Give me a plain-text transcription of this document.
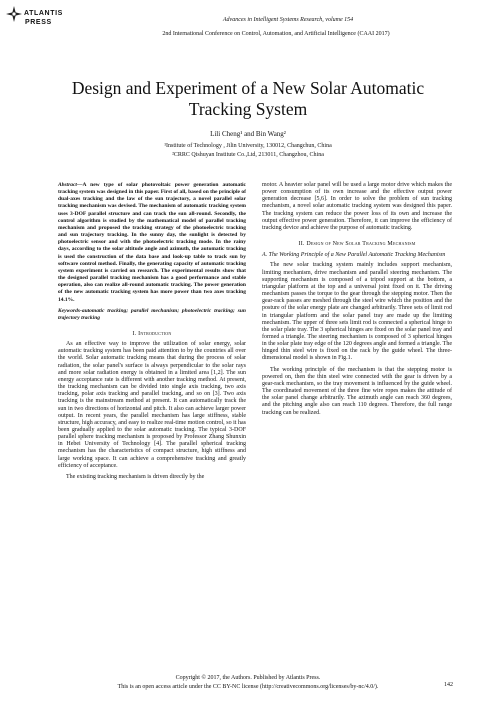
ATLANTIS
PRESS	Advances in Intelligent Systems Research, volume 154
2nd International Conference on Control, Automation, and Artificial Intelligence (CAAI 2017)
Design and Experiment of a New Solar Automatic Tracking System
Lili Cheng¹ and Bin Wang²
¹Institute of Technology , Jilin University, 130012, Changchun, China
²CRRC Qishuyan Institute Co.,Ltd, 213011, Changzhou, China

Abstract—A new type of solar photovoltaic power generation automatic tracking system was designed in this paper. First of all, based on the principle of dual-axes tracking and the law of the sun trajectory, a novel parallel solar tracking mechanism was devised. The mechanism of automatic tracking system uses 3-DOF parallel structure and can track the sun all-round. Secondly, the control algorithm is studied by the mathematical model of parallel tracking mechanism and proposed the tracking strategy of the photoelectric tracking and sun trajectory tracking. In the sunny day, the sunlight is detected by photoelectric sensor and with the photoelectric tracking mode. In the rainy days, according to the solar altitude angle and azimuth, the automatic tracking is used the construction of the data base and look-up table to track sun by software control method. Finally, the generating capacity of automatic tracking system experiment is carried on research. The experimental results show that the designed parallel tracking mechanism has a good performance and stable operation, also can realize all-round automatic tracking. The power generation of the new automatic tracking system has more power than two axes tracking 14.1%.

Keywords-automatic tracking; parallel mechanism; photoelectric tracking; sun trajectory tracking

I. Introduction

As an effective way to improve the utilization of solar energy, solar automatic tracking system has been paid attention to by the countries all over the world. Solar automatic tracking means that during the process of solar radiation, the solar panel's surface is always perpendicular to the solar rays and more solar radiation energy is obtained in a limited area [1,2]. The sun energy acceptance rate is different with another tracking method. At present, the tracking mechanism can be divided into single axis tracking, two axis tracking, polar axis tracking and parallel tracking, and so on [3]. Two axis tracking is the mainstream method at present. It can automatically track the sun in two directions of horizontal and pitch. It also can achieve larger power output. In recent years, the parallel mechanism has large stiffness, stable structure, high accuracy, and easy to realize real-time motion control, so it has been gradually applied to the solar automatic tracking. The typical 3-DOF parallel sphere tracking mechanism is proposed by Professor Zhang Shunxin in Hebei University of Technology [4]. The parallel spherical tracking mechanism has the characteristics of compact structure, high stiffness and large working space. It can achieve a comprehensive tracking and greatly efficiency of acceptance.

The existing tracking mechanism is driven directly by the

motor. A heavier solar panel will be used a large motor drive which makes the power consumption of its own increase and the effective output power generation decrease [5,6]. In order to solve the problem of sun tracking mechanism, a novel solar automatic tracking system was designed this paper. The tracking system can reduce the power loss of its own and increase the output effective power generation. Therefore, it can improve the efficiency of tracking device and achieve the purpose of automatic tracking.

II. Design of New Solar Tracking Mechanism

A. The Working Principle of a New Parallel Automatic Tracking Mechanism

The new solar tracking system mainly includes support mechanism, limiting mechanism, drive mechanism and parallel steering mechanism. The supporting mechanism is composed of a tripod support at the bottom, a triangular platform at the top and a universal joint fixed on it. The driving mechanism passes the torque to the gear through the stepping motor. Then the gear-rack passes are meshed through the steel wire which the position and the posture of the solar energy plate are changed arbitrarily. Three sets of limit rod in triangular platform and the solar panel tray are made up the limiting mechanism. The upper of three sets limit rod is connected a spherical hinge to the solar plate tray. The 3 spherical hinges are fixed on the solar panel tray and formed a triangle. The steering mechanism is composed of 3 spherical hinges in the solar plate tray edge of the 120 degrees angle and formed a triangle. The hinged thin steel wire is fixed on the rack by the guide wheel. The three-dimensional model is shown in Fig.1.

The working principle of the mechanism is that the stepping motor is powered on, then the thin steel wire connected with the gear is driven by a gear-rack mechanism, so the tray movement is influenced by the guide wheel. The coordinated movement of the three fine wire ropes makes the attitude of the solar panel change arbitrarily. The azimuth angle can reach 360 degrees, and the pitching angle also can reach 110 degrees. Therefore, the full range tracking can be realized.

Copyright © 2017, the Authors. Published by Atlantis Press.
This is an open access article under the CC BY-NC license (http://creativecommons.org/licenses/by-nc/4.0/).	142
